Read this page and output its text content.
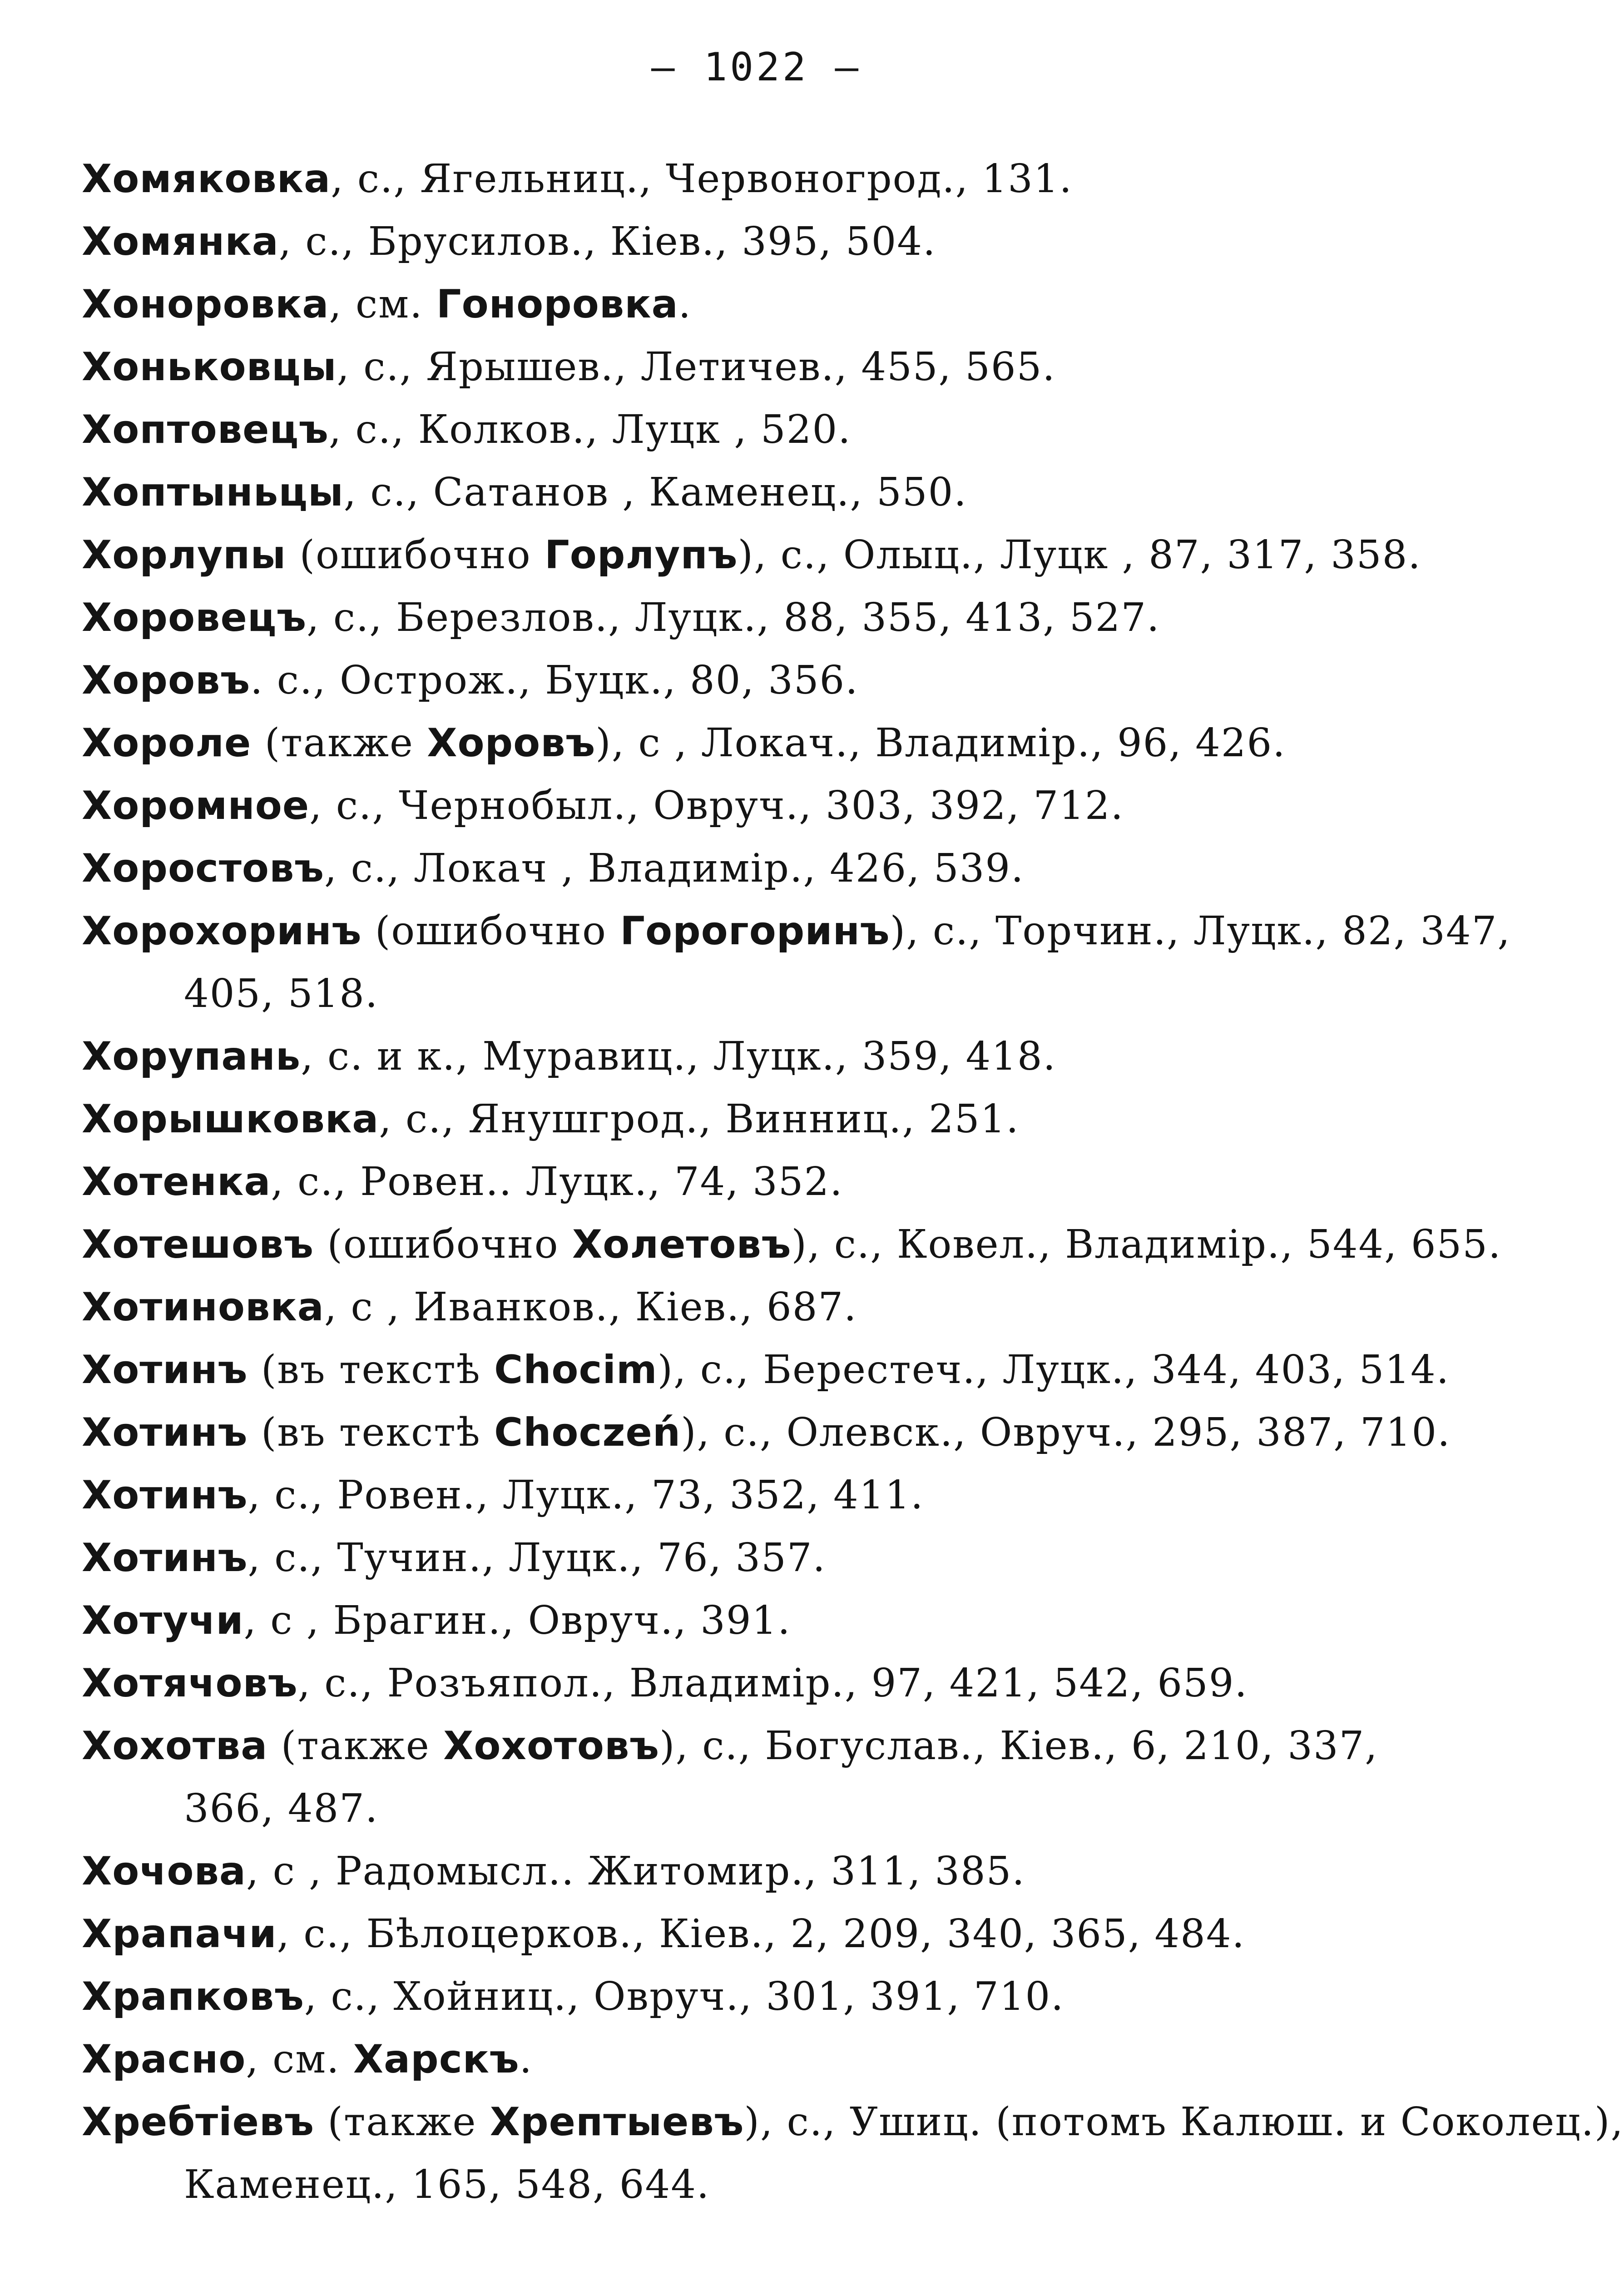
— 1022 —
Хомяковка, с., Ягельниц., Червоногрод., 131.
Хомянка, с., Брусилов., Кіев., 395, 504.
Хонoровка, см. Гонoровка.
Хоньковцы, с., Ярышев., Летичев., 455, 565.
Хоптовецъ, с., Колков., Луцк , 520.
Хоптыньцы, с., Сатанов , Каменец., 550.
Хорлупы (ошибочно Горлупъ), с., Олыц., Луцк , 87, 317, 358.
Хоровецъ, с., Березлов., Луцк., 88, 355, 413, 527.
Хоровъ. с., Острож., Буцк., 80, 356.
Хороле (также Хоровъ), с , Локач., Владимір., 96, 426.
Хоромное, с., Чернобыл., Овруч., 303, 392, 712.
Хоростовъ, с., Локач , Владимір., 426, 539.
Хорохоринъ (ошибочно Горогоринъ), с., Торчин., Луцк., 82, 347,
405, 518.
Хорупань, с. и к., Муравиц., Луцк., 359, 418.
Хорышковка, с., Янушгрод., Винниц., 251.
Хотенка, с., Ровен.. Луцк., 74, 352.
Хотешовъ (ошибочно Холетовъ), с., Ковел., Владимір., 544, 655.
Хотиновка, с , Иванков., Кіев., 687.
Хотинъ (въ текстѣ Chocim), с., Берестеч., Луцк., 344, 403, 514.
Хотинъ (въ текстѣ Choczeń), с., Олевск., Овруч., 295, 387, 710.
Хотинъ, с., Ровен., Луцк., 73, 352, 411.
Хотинъ, с., Тучин., Луцк., 76, 357.
Хотучи, с , Брагин., Овруч., 391.
Хотячовъ, с., Розъяпол., Владимір., 97, 421, 542, 659.
Хохотва (также Хохотовъ), с., Богуслав., Кіев., 6, 210, 337,
366, 487.
Хочова, с , Радомысл.. Житомир., 311, 385.
Храпачи, с., Бѣлоцерков., Кіев., 2, 209, 340, 365, 484.
Храпковъ, с., Хойниц., Овруч., 301, 391, 710.
Храсно, см. Харскъ.
Хребтіевъ (также Хрептыевъ), с., Ушиц. (потомъ Калюш. и Соколец.),
Каменец., 165, 548, 644.
